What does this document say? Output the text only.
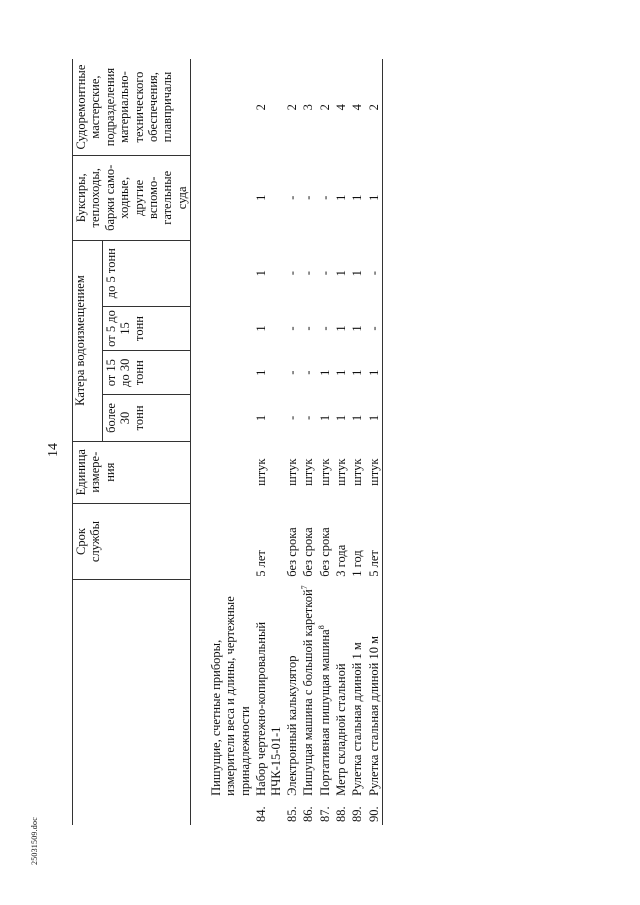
25031509.doc
14
		Срок службы	Единица измере-ния	Катера водоизмещением				Буксиры, теплоходы, баржи само-ходные, другие вспомо-гательные суда	Судоремонтные мастерские, подразделения материально-технического обеспечения, плавпричалы
				более 30 тонн	от 15 до 30 тонн	от 5 до 15 тонн	до 5 тонн		
	Пишущие, счетные приборы, измерители веса и длины, чертежные принадлежности								
84.	Набор чертежно-копировальный НЧК-15-01-1	5 лет	штук	1	1	1	1	1	2
85.	Электронный калькулятор	без срока	штук	-	-	-	-	-	2
86.	Пишущая машина с большой кареткой$^7$	без срока	штук	-	-	-	-	-	3
87.	Портативная пишущая машина$^8$	без срока	штук	1	1	-	-	-	2
88.	Метр складной стальной	3 года	штук	1	1	1	1	1	4
89.	Рулетка стальная длиной 1 м	1 год	штук	1	1	1	1	1	4
90.	Рулетка стальная длиной 10 м	5 лет	штук	1	1	-	-	1	2
